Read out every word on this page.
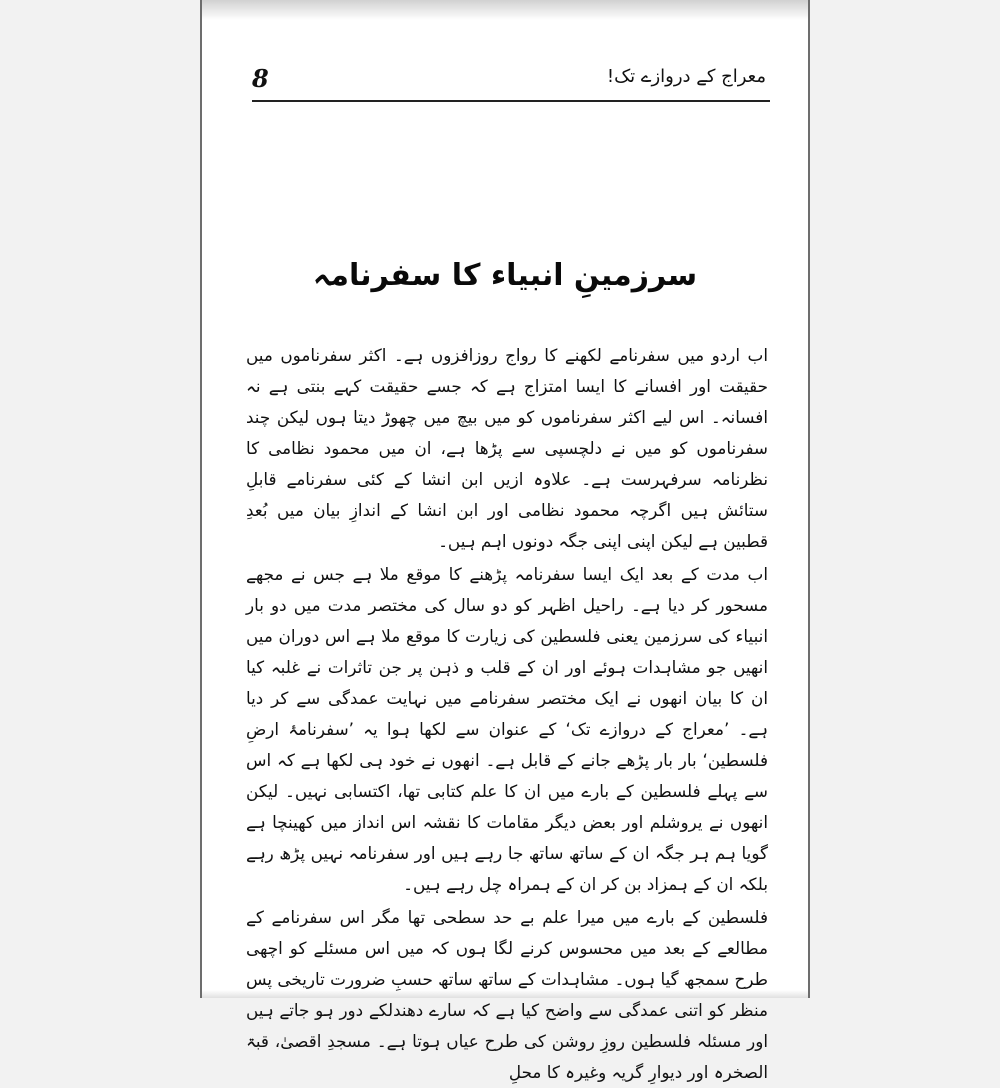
8	معراج کے دروازے تک!
سرزمینِ انبیاء کا سفرنامہ

اب اردو میں سفرنامے لکھنے کا رواج روزافزوں ہے۔ اکثر سفرناموں میں حقیقت اور افسانے کا ایسا امتزاج ہے کہ جسے حقیقت کہے بنتی ہے نہ افسانہ۔ اس لیے اکثر سفرناموں کو میں بیچ میں چھوڑ دیتا ہوں لیکن چند سفرناموں کو میں نے دلچسپی سے پڑھا ہے، ان میں محمود نظامی کا نظرنامہ سرفہرست ہے۔ علاوہ ازیں ابن انشا کے کئی سفرنامے قابلِ ستائش ہیں اگرچہ محمود نظامی اور ابن انشا کے اندازِ بیان میں بُعدِ قطبین ہے لیکن اپنی اپنی جگہ دونوں اہم ہیں۔

اب مدت کے بعد ایک ایسا سفرنامہ پڑھنے کا موقع ملا ہے جس نے مجھے مسحور کر دیا ہے۔ راحیل اظہر کو دو سال کی مختصر مدت میں دو بار انبیاء کی سرزمین یعنی فلسطین کی زیارت کا موقع ملا ہے اس دوران میں انھیں جو مشاہدات ہوئے اور ان کے قلب و ذہن پر جن تاثرات نے غلبہ کیا ان کا بیان انھوں نے ایک مختصر سفرنامے میں نہایت عمدگی سے کر دیا ہے۔ ’معراج کے دروازے تک‘ کے عنوان سے لکھا ہوا یہ ’سفرنامۂ ارضِ فلسطین‘ بار بار پڑھے جانے کے قابل ہے۔ انھوں نے خود ہی لکھا ہے کہ اس سے پہلے فلسطین کے بارے میں ان کا علم کتابی تھا، اکتسابی نہیں۔ لیکن انھوں نے یروشلم اور بعض دیگر مقامات کا نقشہ اس انداز میں کھینچا ہے گویا ہم ہر جگہ ان کے ساتھ ساتھ جا رہے ہیں اور سفرنامہ نہیں پڑھ رہے بلکہ ان کے ہمزاد بن کر ان کے ہمراہ چل رہے ہیں۔

فلسطین کے بارے میں میرا علم بے حد سطحی تھا مگر اس سفرنامے کے مطالعے کے بعد میں محسوس کرنے لگا ہوں کہ میں اس مسئلے کو اچھی طرح سمجھ گیا ہوں۔ مشاہدات کے ساتھ ساتھ حسبِ ضرورت تاریخی پس منظر کو اتنی عمدگی سے واضح کیا ہے کہ سارے دھندلکے دور ہو جاتے ہیں اور مسئلہ فلسطین روزِ روشن کی طرح عیاں ہوتا ہے۔ مسجدِ اقصیٰ، قبۃ الصخرہ اور دیوارِ گریہ وغیرہ کا محلِ
